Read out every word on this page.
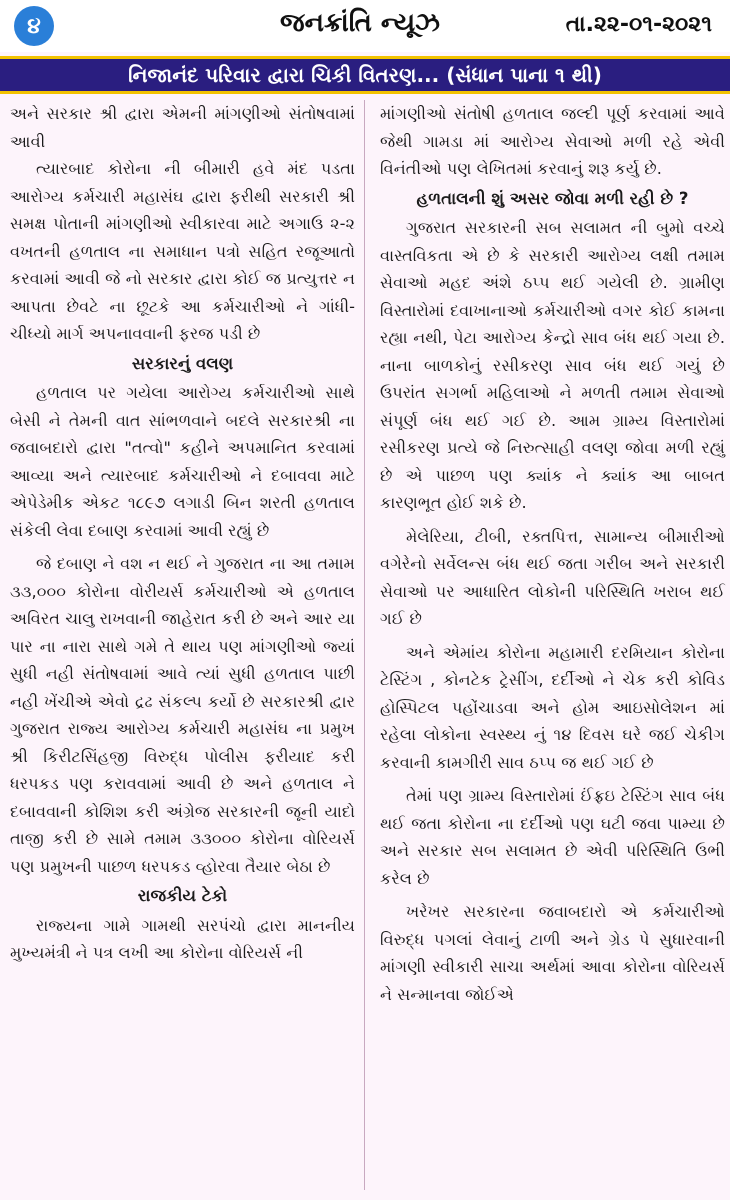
૪	જનક્રાંતિ ન્યૂઝ	તા.૨૨-૦૧-૨૦૨૧
નિજાનંદ પરિવાર દ્વારા ચિકી વિતરણ... (સંધાન પાના ૧ થી)

અને સરકાર શ્રી દ્વારા એમની માંગણીઓ સંતોષવામાં આવી

ત્યારબાદ કોરોના ની બીમારી હવે મંદ પડતા આરોગ્ય કર્મચારી મહાસંઘ દ્વારા ફરીથી સરકારી શ્રી સમક્ષ પોતાની માંગણીઓ સ્વીકારવા માટે અગાઉ ૨-૨ વખતની હળતાલ ના સમાધાન પત્રો સહિત રજૂઆતો કરવામાં આવી જે નો સરકાર દ્વારા કોઈ જ પ્રત્યુત્તર ન આપતા છેવટે ના છૂટકે આ કર્મચારીઓ ને ગાંધી-ચીધ્યો માર્ગ અપનાવવાની ફરજ પડી છે

સરકારનું વલણ

હળતાલ પર ગયેલા આરોગ્ય કર્મચારીઓ સાથે બેસી ને તેમની વાત સાંભળવાને બદલે સરકારશ્રી ના જવાબદારો દ્વારા "તત્વો" કહીને અપમાનિત કરવામાં આવ્યા અને ત્યારબાદ કર્મચારીઓ ને દબાવવા માટે એપેડેમીક એકટ ૧૮૯૭ લગાડી બિન શરતી હળતાલ સંકેલી લેવા દબાણ કરવામાં આવી રહ્યું છે

જે દબાણ ને વશ ન થઈ ને ગુજરાત ના આ તમામ ૩૩,૦૦૦ કોરોના વોરીયર્સ કર્મચારીઓ એ હળતાલ અવિરત ચાલુ રાખવાની જાહેરાત કરી છે અને આર યા પાર ના નારા સાથે ગમે તે થાય પણ માંગણીઓ જ્યાં સુધી નહી સંતોષવામાં આવે ત્યાં સુધી હળતાલ પાછી નહી ખેંચીએ એવો દ્રઢ સંકલ્પ કર્યો છે સરકારશ્રી દ્વાર ગુજરાત રાજ્ય આરોગ્ય કર્મચારી મહાસંઘ ના પ્રમુખ શ્રી કિરીટસિંહજી વિરુદ્ધ પોલીસ ફરીયાદ કરી ધરપકડ પણ કરાવવામાં આવી છે અને હળતાલ ને દબાવવાની કોશિશ કરી અંગ્રેજ સરકારની જૂની યાદો તાજી કરી છે સામે તમામ ૩૩૦૦૦ કોરોના વોરિયર્સ પણ પ્રમુખની પાછળ ધરપકડ વ્હોરવા તૈયાર બેઠા છે

રાજકીય ટેકો

રાજ્યના ગામે ગામથી સરપંચો દ્વારા માનનીય મુખ્યમંત્રી ને પત્ર લખી આ કોરોના વોરિયર્સ ની

માંગણીઓ સંતોષી હળતાલ જલ્દી પૂર્ણ કરવામાં આવે જેથી ગામડા માં આરોગ્ય સેવાઓ મળી રહે એવી વિનંતીઓ પણ લેખિતમાં કરવાનું શરૂ કર્યુ છે.

હળતાલની શું અસર જોવા મળી રહી છે ?

ગુજરાત સરકારની સબ સલામત ની બુમો વચ્ચે વાસ્તવિકતા એ છે કે સરકારી આરોગ્ય લક્ષી તમામ સેવાઓ મહદ અંશે ઠપ્પ થઈ ગયેલી છે. ગ્રામીણ વિસ્તારોમાં દવાખાનાઓ કર્મચારીઓ વગર કોઈ કામના રહ્યા નથી, પેટા આરોગ્ય કેન્દ્રો સાવ બંધ થઈ ગયા છે. નાના બાળકોનું રસીકરણ સાવ બંધ થઈ ગયું છે ઉપરાંત સગર્ભા મહિલાઓ ને મળતી તમામ સેવાઓ સંપૂર્ણ બંધ થઈ ગઈ છે. આમ ગ્રામ્ય વિસ્તારોમાં રસીકરણ પ્રત્યે જે નિરુત્સાહી વલણ જોવા મળી રહ્યું છે એ પાછળ પણ ક્યાંક ને ક્યાંક આ બાબત કારણભૂત હોઈ શકે છે.

મેલેરિયા, ટીબી, રક્તપિત્ત, સામાન્ય બીમારીઓ વગેરેનો સર્વેલન્સ બંધ થઈ જતા ગરીબ અને સરકારી સેવાઓ પર આધારિત લોકોની પરિસ્થિતિ ખરાબ થઈ ગઈ છે

અને એમાંય કોરોના મહામારી દરમિયાન કોરોના ટેસ્ટિંગ , કોનટેક ટ્રેસીંગ, દર્દીઓ ને ચેક કરી કોવિડ હોસ્પિટલ પહોંચાડવા અને હોમ આઇસોલેશન માં રહેલા લોકોના સ્વસ્થ્ય નું ૧૪ દિવસ ઘરે જઈ ચેકીગ કરવાની કામગીરી સાવ ઠપ્પ જ થઈ ગઈ છે

તેમાં પણ ગ્રામ્ય વિસ્તારોમાં ઈંફ્રઇ ટેસ્ટિંગ સાવ બંધ થઈ જતા કોરોના ના દર્દીઓ પણ ઘટી જવા પામ્યા છે અને સરકાર સબ સલામત છે એવી પરિસ્થિતિ ઉભી કરેલ છે

ખરેખર સરકારના જવાબદારો એ કર્મચારીઓ વિરુદ્ધ પગલાં લેવાનું ટાળી અને ગ્રેડ પે સુધારવાની માંગણી સ્વીકારી સાચા અર્થમાં આવા કોરોના વોરિયર્સ ને સન્માનવા જોઈએ
